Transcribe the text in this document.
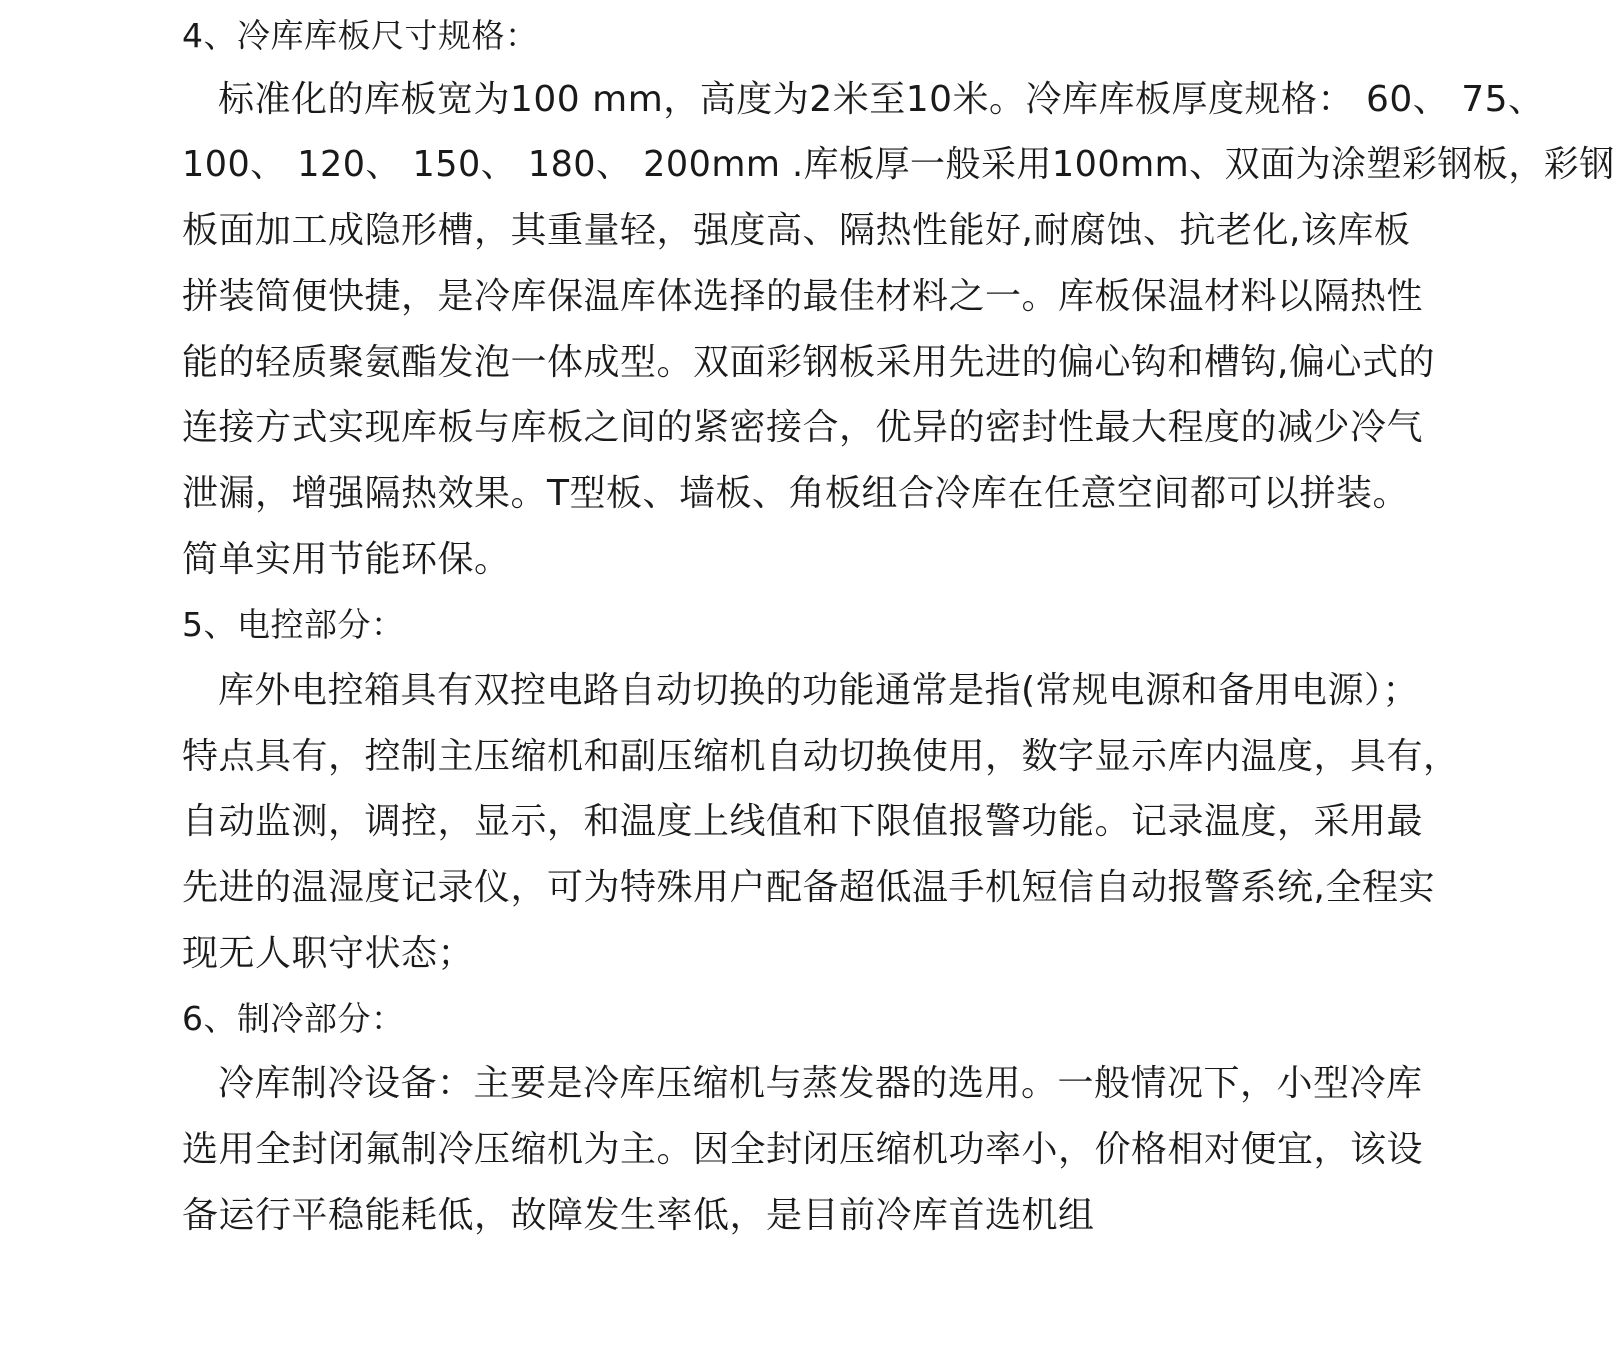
4、冷库库板尺寸规格：
标准化的库板宽为100 mm，高度为2米至10米。冷库库板厚度规格： 60、 75、
100、 120、 150、 180、 200mm .库板厚一般采用100mm、双面为涂塑彩钢板，彩钢
板面加工成隐形槽，其重量轻，强度高、隔热性能好,耐腐蚀、抗老化,该库板
拼装简便快捷，是冷库保温库体选择的最佳材料之一。库板保温材料以隔热性
能的轻质聚氨酯发泡一体成型。双面彩钢板采用先进的偏心钩和槽钩,偏心式的
连接方式实现库板与库板之间的紧密接合，优异的密封性最大程度的减少冷气
泄漏，增强隔热效果。T型板、墙板、角板组合冷库在任意空间都可以拼装。
简单实用节能环保。
5、电控部分：
库外电控箱具有双控电路自动切换的功能通常是指(常规电源和备用电源）；
特点具有，控制主压缩机和副压缩机自动切换使用，数字显示库内温度，具有，
自动监测，调控，显示，和温度上线值和下限值报警功能。记录温度，采用最
先进的温湿度记录仪，可为特殊用户配备超低温手机短信自动报警系统,全程实
现无人职守状态；
6、制冷部分：
冷库制冷设备：主要是冷库压缩机与蒸发器的选用。一般情况下，小型冷库
选用全封闭氟制冷压缩机为主。因全封闭压缩机功率小，价格相对便宜，该设
备运行平稳能耗低，故障发生率低，是目前冷库首选机组
